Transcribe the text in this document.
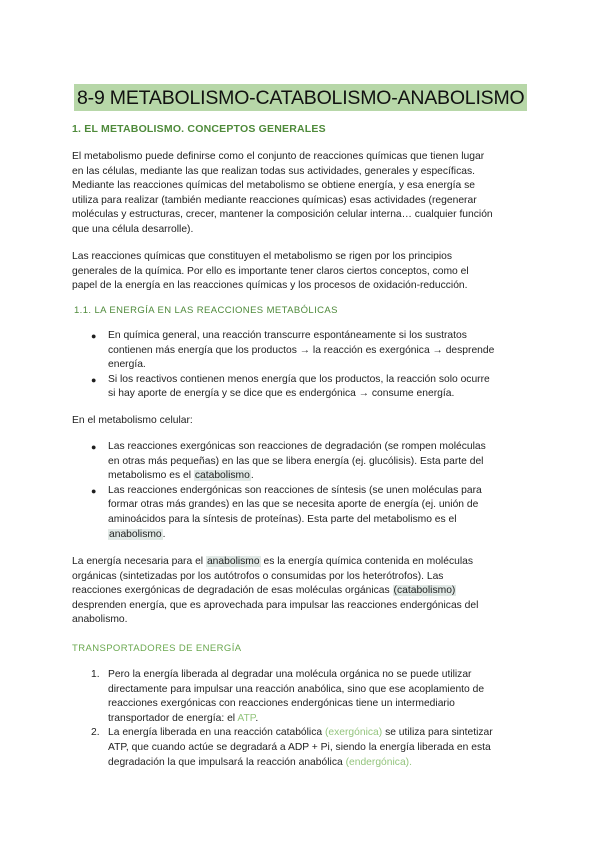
8-9 METABOLISMO-CATABOLISMO-ANABOLISMO
1. EL METABOLISMO. CONCEPTOS GENERALES

El metabolismo puede definirse como el conjunto de reacciones químicas que tienen lugar
en las células, mediante las que realizan todas sus actividades, generales y específicas.
Mediante las reacciones químicas del metabolismo se obtiene energía, y esa energía se
utiliza para realizar (también mediante reacciones químicas) esas actividades (regenerar
moléculas y estructuras, crecer, mantener la composición celular interna… cualquier función
que una célula desarrolle).

Las reacciones químicas que constituyen el metabolismo se rigen por los principios
generales de la química. Por ello es importante tener claros ciertos conceptos, como el
papel de la energía en las reacciones químicas y los procesos de oxidación-reducción.

1.1. LA ENERGÍA EN LAS REACCIONES METABÓLICAS
● En química general, una reacción transcurre espontáneamente si los sustratos
contienen más energía que los productos → la reacción es exergónica → desprende
energía.
● Si los reactivos contienen menos energía que los productos, la reacción solo ocurre
si hay aporte de energía y se dice que es endergónica → consume energía.

En el metabolismo celular:

● Las reacciones exergónicas son reacciones de degradación (se rompen moléculas
en otras más pequeñas) en las que se libera energía (ej. glucólisis). Esta parte del
metabolismo es el catabolismo.
● Las reacciones endergónicas son reacciones de síntesis (se unen moléculas para
formar otras más grandes) en las que se necesita aporte de energía (ej. unión de
aminoácidos para la síntesis de proteínas). Esta parte del metabolismo es el
anabolismo.

La energía necesaria para el anabolismo es la energía química contenida en moléculas
orgánicas (sintetizadas por los autótrofos o consumidas por los heterótrofos). Las
reacciones exergónicas de degradación de esas moléculas orgánicas (catabolismo)
desprenden energía, que es aprovechada para impulsar las reacciones endergónicas del
anabolismo.

TRANSPORTADORES DE ENERGÍA
1. Pero la energía liberada al degradar una molécula orgánica no se puede utilizar
directamente para impulsar una reacción anabólica, sino que ese acoplamiento de
reacciones exergónicas con reacciones endergónicas tiene un intermediario
transportador de energía: el ATP.
2. La energía liberada en una reacción catabólica (exergónica) se utiliza para sintetizar
ATP, que cuando actúe se degradará a ADP + Pi, siendo la energía liberada en esta
degradación la que impulsará la reacción anabólica (endergónica).
